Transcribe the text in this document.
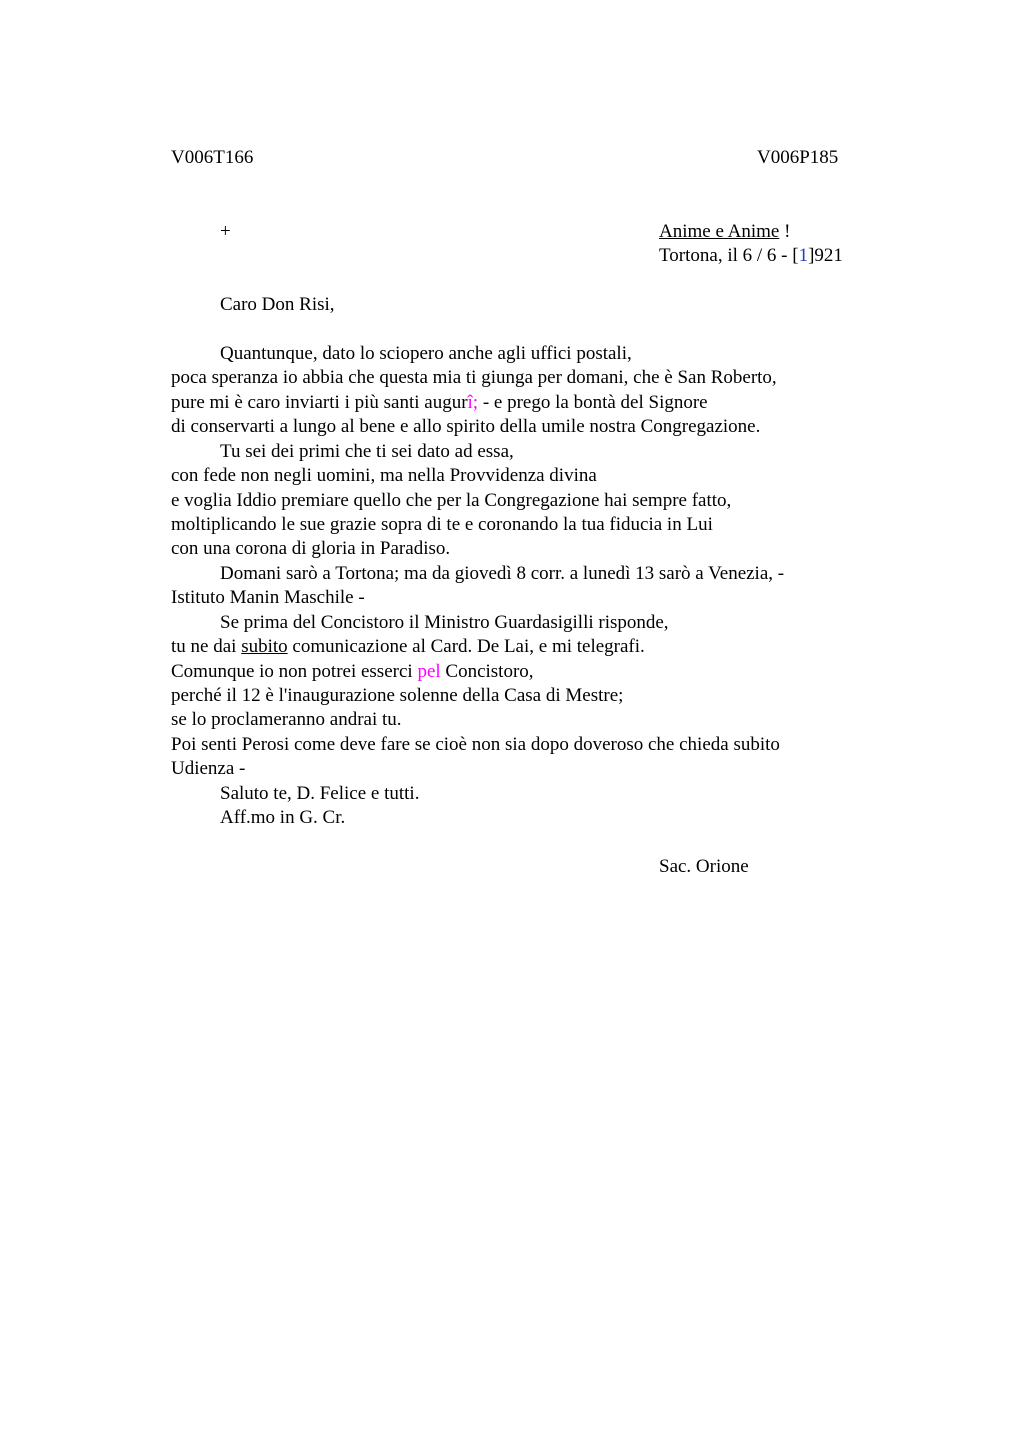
V006T166	V006P185
+	Anime e Anime !
Tortona, il 6 / 6 - [1]921
Caro Don Risi,
Quantunque, dato lo sciopero anche agli uffici postali,
poca speranza io abbia che questa mia ti giunga per domani, che è San Roberto,
pure mi è caro inviarti i più santi augurî; - e prego la bontà del Signore
di conservarti a lungo al bene e allo spirito della umile nostra Congregazione.
Tu sei dei primi che ti sei dato ad essa,
con fede non negli uomini, ma nella Provvidenza divina
e voglia Iddio premiare quello che per la Congregazione hai sempre fatto,
moltiplicando le sue grazie sopra di te e coronando la tua fiducia in Lui
con una corona di gloria in Paradiso.
Domani sarò a Tortona; ma da giovedì 8 corr. a lunedì 13 sarò a Venezia, -
Istituto Manin Maschile -
Se prima del Concistoro il Ministro Guardasigilli risponde,
tu ne dai subito comunicazione al Card. De Lai, e mi telegrafi.
Comunque io non potrei esserci pel Concistoro,
perché il 12 è l'inaugurazione solenne della Casa di Mestre;
se lo proclameranno andrai tu.
Poi senti Perosi come deve fare se cioè non sia dopo doveroso che chieda subito
Udienza -
Saluto te, D. Felice e tutti.
Aff.mo in G. Cr.
Sac. Orione
